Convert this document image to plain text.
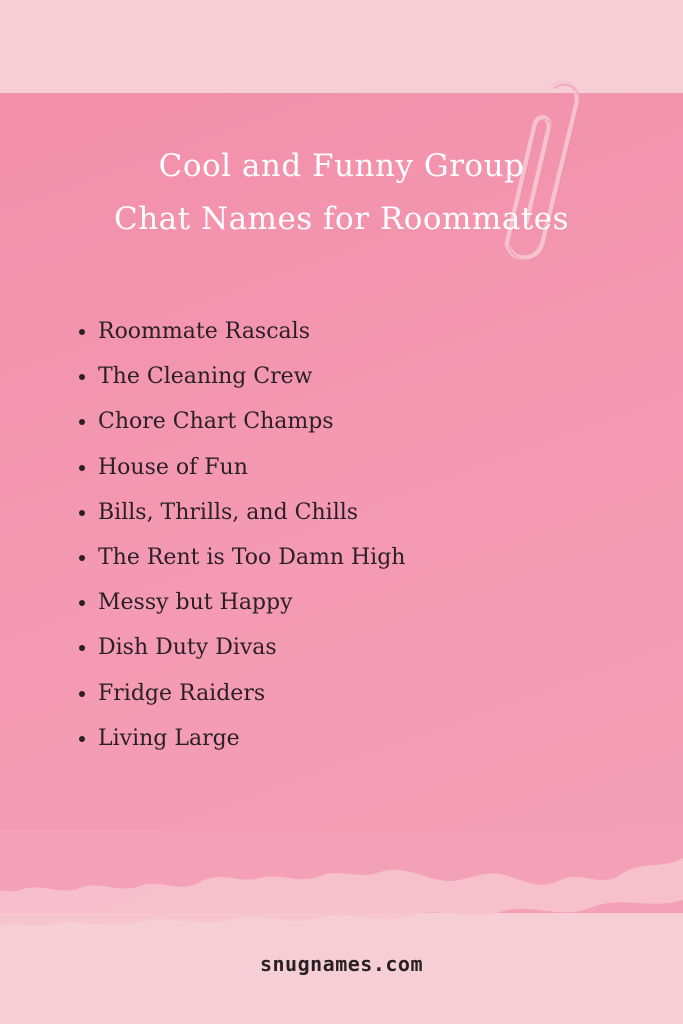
Cool and Funny Group
Chat Names for Roommates
Roommate Rascals
The Cleaning Crew
Chore Chart Champs
House of Fun
Bills, Thrills, and Chills
The Rent is Too Damn High
Messy but Happy
Dish Duty Divas
Fridge Raiders
Living Large
snugnames.com
